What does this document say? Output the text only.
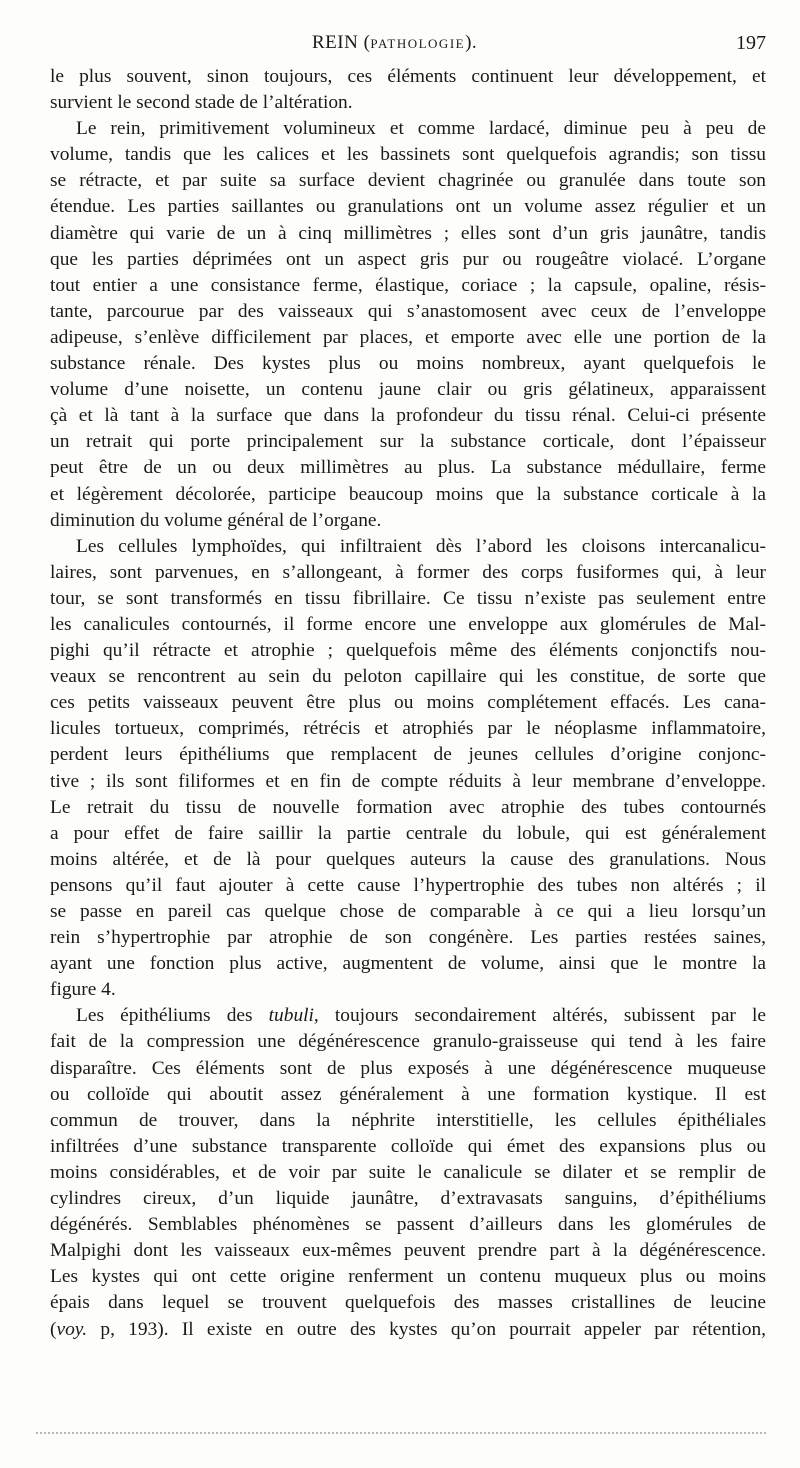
REIN (PATHOLOGIE).	197
le plus souvent, sinon toujours, ces éléments continuent leur développement, et
survient le second stade de l’altération.
Le rein, primitivement volumineux et comme lardacé, diminue peu à peu de
volume, tandis que les calices et les bassinets sont quelquefois agrandis; son tissu
se rétracte, et par suite sa surface devient chagrinée ou granulée dans toute son
étendue. Les parties saillantes ou granulations ont un volume assez régulier et un
diamètre qui varie de un à cinq millimètres ; elles sont d’un gris jaunâtre, tandis
que les parties déprimées ont un aspect gris pur ou rougeâtre violacé. L’organe
tout entier a une consistance ferme, élastique, coriace ; la capsule, opaline, résis-
tante, parcourue par des vaisseaux qui s’anastomosent avec ceux de l’enveloppe
adipeuse, s’enlève difficilement par places, et emporte avec elle une portion de la
substance rénale. Des kystes plus ou moins nombreux, ayant quelquefois le
volume d’une noisette, un contenu jaune clair ou gris gélatineux, apparaissent
çà et là tant à la surface que dans la profondeur du tissu rénal. Celui-ci présente
un retrait qui porte principalement sur la substance corticale, dont l’épaisseur
peut être de un ou deux millimètres au plus. La substance médullaire, ferme
et légèrement décolorée, participe beaucoup moins que la substance corticale à la
diminution du volume général de l’organe.
Les cellules lymphoïdes, qui infiltraient dès l’abord les cloisons intercanalicu-
laires, sont parvenues, en s’allongeant, à former des corps fusiformes qui, à leur
tour, se sont transformés en tissu fibrillaire. Ce tissu n’existe pas seulement entre
les canalicules contournés, il forme encore une enveloppe aux glomérules de Mal-
pighi qu’il rétracte et atrophie ; quelquefois même des éléments conjonctifs nou-
veaux se rencontrent au sein du peloton capillaire qui les constitue, de sorte que
ces petits vaisseaux peuvent être plus ou moins complétement effacés. Les cana-
licules tortueux, comprimés, rétrécis et atrophiés par le néoplasme inflammatoire,
perdent leurs épithéliums que remplacent de jeunes cellules d’origine conjonc-
tive ; ils sont filiformes et en fin de compte réduits à leur membrane d’enveloppe.
Le retrait du tissu de nouvelle formation avec atrophie des tubes contournés
a pour effet de faire saillir la partie centrale du lobule, qui est généralement
moins altérée, et de là pour quelques auteurs la cause des granulations. Nous
pensons qu’il faut ajouter à cette cause l’hypertrophie des tubes non altérés ; il
se passe en pareil cas quelque chose de comparable à ce qui a lieu lorsqu’un
rein s’hypertrophie par atrophie de son congénère. Les parties restées saines,
ayant une fonction plus active, augmentent de volume, ainsi que le montre la
figure 4.
Les épithéliums des tubuli, toujours secondairement altérés, subissent par le
fait de la compression une dégénérescence granulo-graisseuse qui tend à les faire
disparaître. Ces éléments sont de plus exposés à une dégénérescence muqueuse
ou colloïde qui aboutit assez généralement à une formation kystique. Il est
commun de trouver, dans la néphrite interstitielle, les cellules épithéliales
infiltrées d’une substance transparente colloïde qui émet des expansions plus ou
moins considérables, et de voir par suite le canalicule se dilater et se remplir de
cylindres cireux, d’un liquide jaunâtre, d’extravasats sanguins, d’épithéliums
dégénérés. Semblables phénomènes se passent d’ailleurs dans les glomérules de
Malpighi dont les vaisseaux eux-mêmes peuvent prendre part à la dégénérescence.
Les kystes qui ont cette origine renferment un contenu muqueux plus ou moins
épais dans lequel se trouvent quelquefois des masses cristallines de leucine
(voy. p, 193). Il existe en outre des kystes qu’on pourrait appeler par rétention,
